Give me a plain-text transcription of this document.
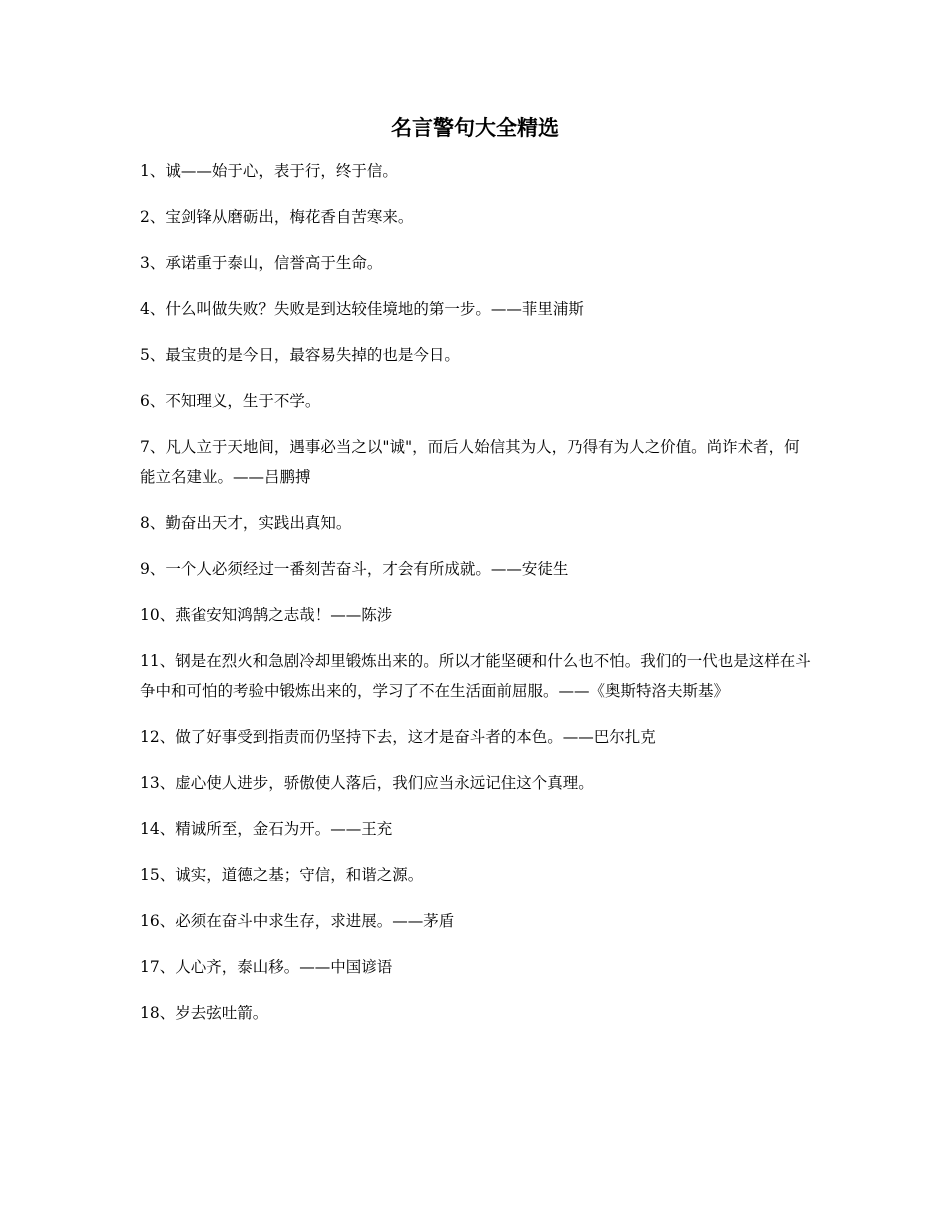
名言警句大全精选
1、诚——始于心，表于行，终于信。
2、宝剑锋从磨砺出，梅花香自苦寒来。
3、承诺重于泰山，信誉高于生命。
4、什么叫做失败？失败是到达较佳境地的第一步。——菲里浦斯
5、最宝贵的是今日，最容易失掉的也是今日。
6、不知理义，生于不学。
7、凡人立于天地间，遇事必当之以"诚"，而后人始信其为人，乃得有为人之价值。尚诈术者，何能立名建业。——吕鹏搏
8、勤奋出天才，实践出真知。
9、一个人必须经过一番刻苦奋斗，才会有所成就。——安徒生
10、燕雀安知鸿鹄之志哉！——陈涉
11、钢是在烈火和急剧冷却里锻炼出来的。所以才能坚硬和什么也不怕。我们的一代也是这样在斗争中和可怕的考验中锻炼出来的，学习了不在生活面前屈服。——《奥斯特洛夫斯基》
12、做了好事受到指责而仍坚持下去，这才是奋斗者的本色。——巴尔扎克
13、虚心使人进步，骄傲使人落后，我们应当永远记住这个真理。
14、精诚所至，金石为开。——王充
15、诚实，道德之基；守信，和谐之源。
16、必须在奋斗中求生存，求进展。——茅盾
17、人心齐，泰山移。——中国谚语
18、岁去弦吐箭。
